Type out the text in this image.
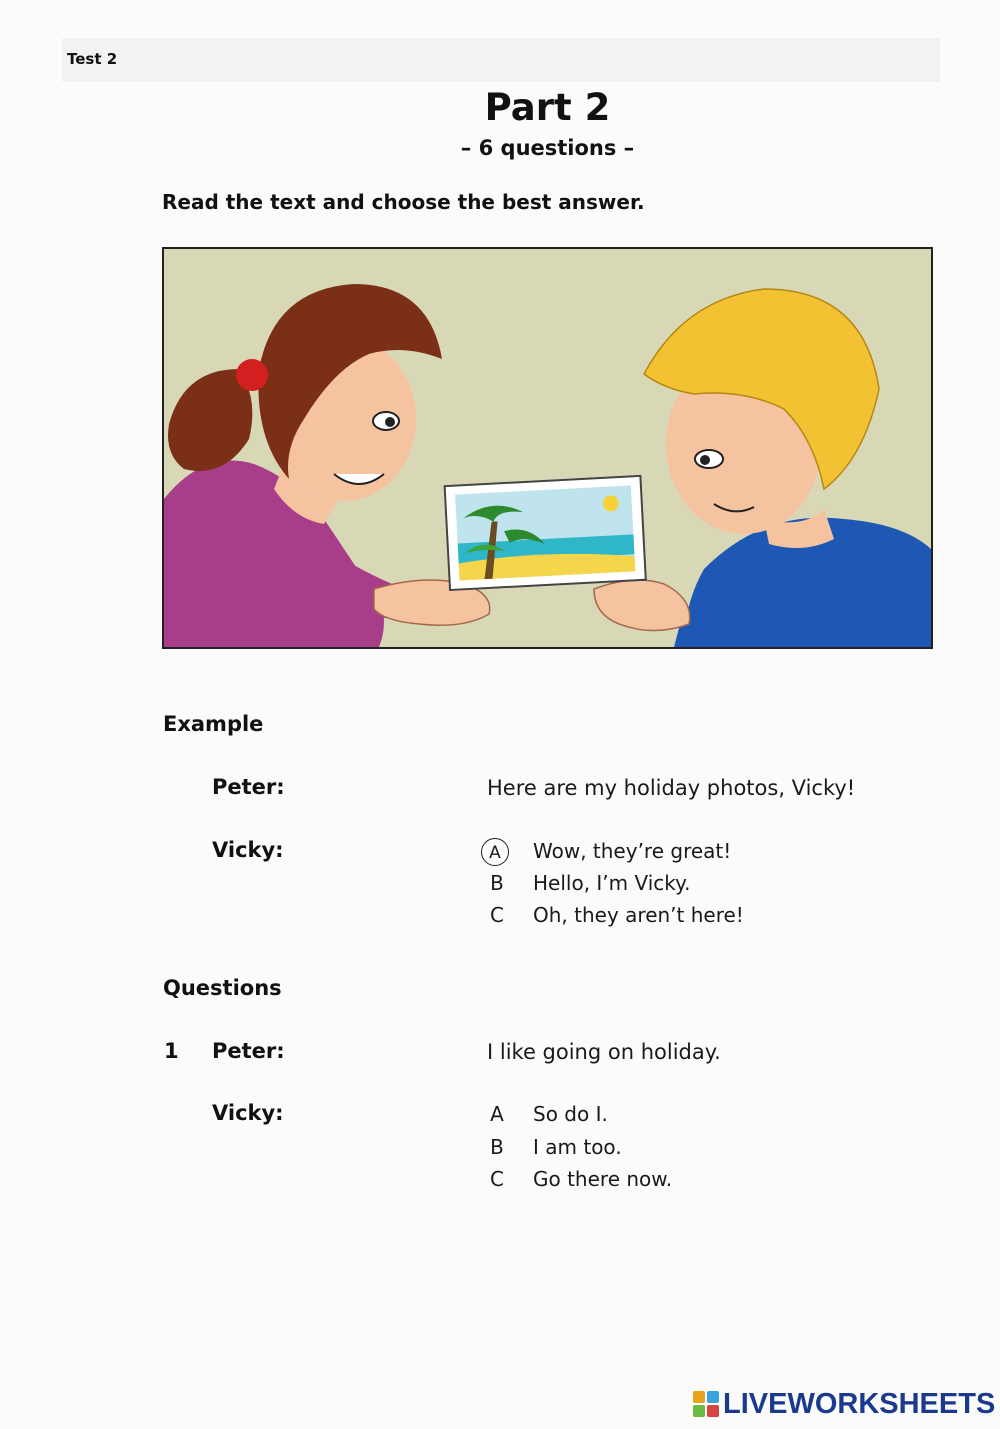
Test 2
Part 2
– 6 questions –
Read the text and choose the best answer.
Example
Peter:	Here are my holiday photos, Vicky!
Vicky:	A	Wow, they’re great!
B Hello, I’m Vicky.
C Oh, they aren’t here!
Questions
1 Peter:	I like going on holiday.
Vicky:	A So do I.
B I am too.
C Go there now.
LIVEWORKSHEETS
